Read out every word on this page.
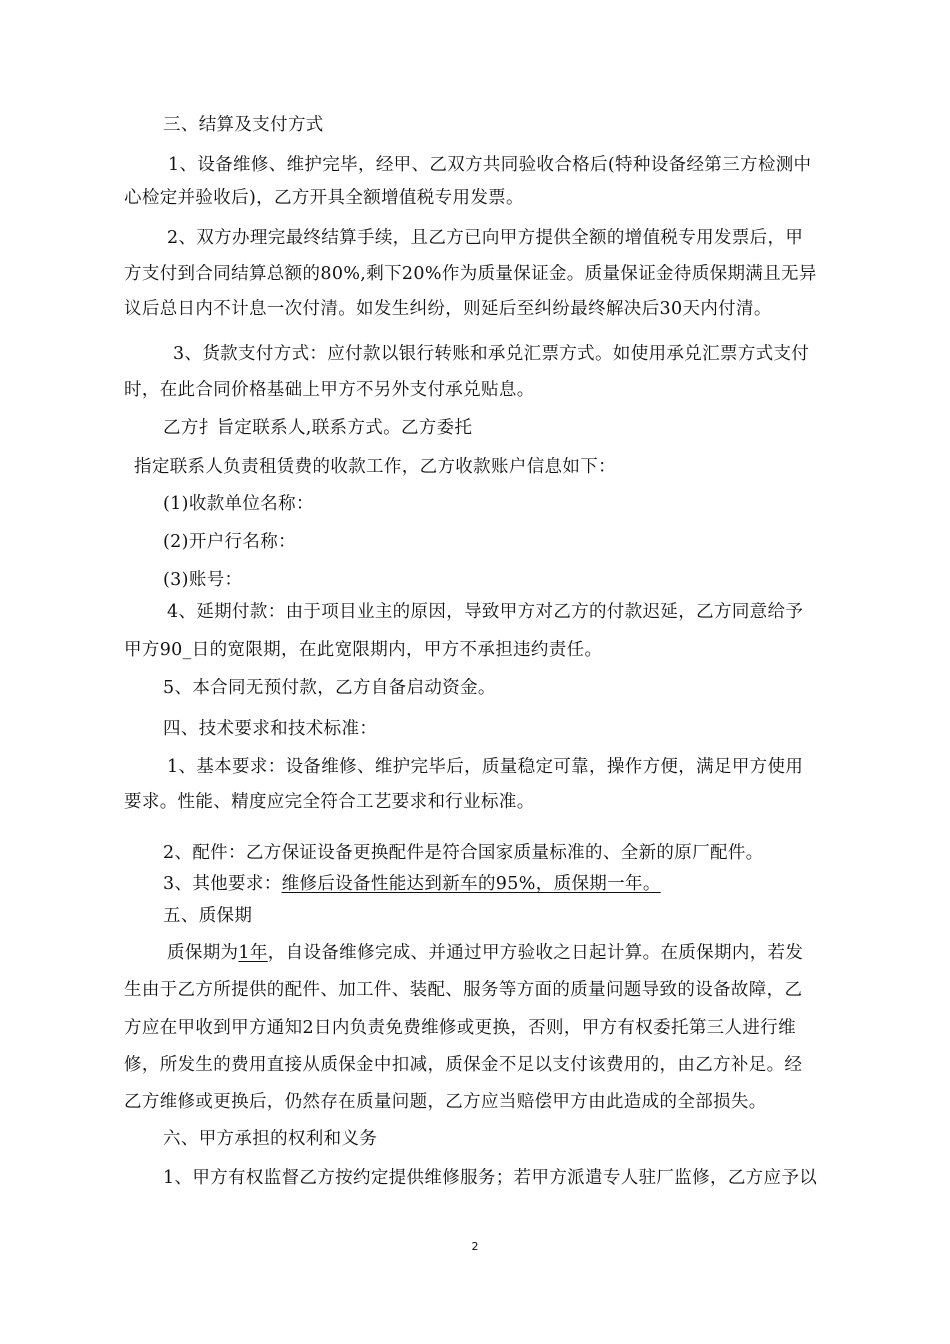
三、结算及支付方式
1、设备维修、维护完毕，经甲、乙双方共同验收合格后(特种设备经第三方检测中
心检定并验收后)，乙方开具全额增值税专用发票。
2、双方办理完最终结算手续，且乙方已向甲方提供全额的增值税专用发票后，甲
方支付到合同结算总额的80%,剩下20%作为质量保证金。质量保证金待质保期满且无异
议后总日内不计息一次付清。如发生纠纷，则延后至纠纷最终解决后30天内付清。
3、货款支付方式：应付款以银行转账和承兑汇票方式。如使用承兑汇票方式支付
时，在此合同价格基础上甲方不另外支付承兑贴息。
乙方扌旨定联系人,联系方式。乙方委托
指定联系人负责租赁费的收款工作，乙方收款账户信息如下：
(1)收款单位名称：
(2)开户行名称：
(3)账号：
4、延期付款：由于项目业主的原因，导致甲方对乙方的付款迟延，乙方同意给予
甲方90_日的宽限期，在此宽限期内，甲方不承担违约责任。
5、本合同无预付款，乙方自备启动资金。
四、技术要求和技术标准：
1、基本要求：设备维修、维护完毕后，质量稳定可靠，操作方便，满足甲方使用
要求。性能、精度应完全符合工艺要求和行业标准。
2、配件：乙方保证设备更换配件是符合国家质量标准的、全新的原厂配件。
3、其他要求：维修后设备性能达到新车的95%，质保期一年。
五、质保期
质保期为1年，自设备维修完成、并通过甲方验收之日起计算。在质保期内，若发
生由于乙方所提供的配件、加工件、装配、服务等方面的质量问题导致的设备故障，乙
方应在甲收到甲方通知2日内负责免费维修或更换，否则，甲方有权委托第三人进行维
修，所发生的费用直接从质保金中扣减，质保金不足以支付该费用的，由乙方补足。经
乙方维修或更换后，仍然存在质量问题，乙方应当赔偿甲方由此造成的全部损失。
六、甲方承担的权利和义务
1、甲方有权监督乙方按约定提供维修服务；若甲方派遣专人驻厂监修，乙方应予以
2
